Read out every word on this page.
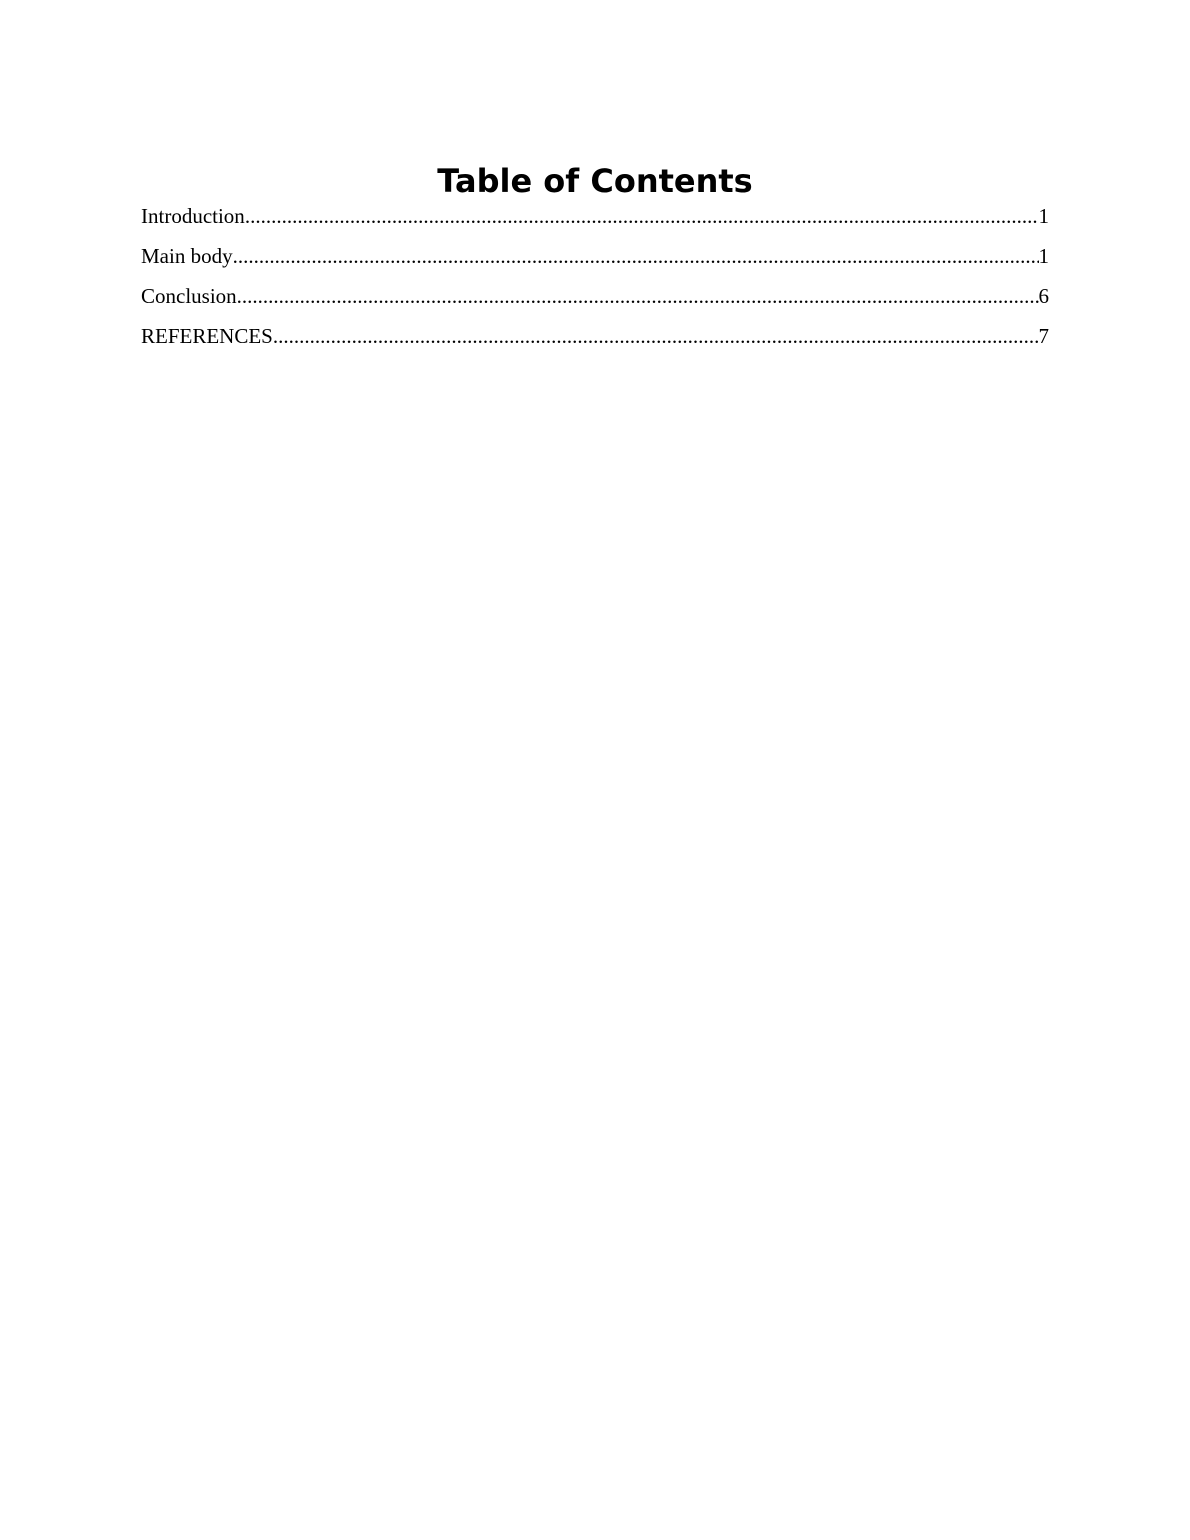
Table of Contents
Introduction .....	1
Main body .....	1
Conclusion .....	6
REFERENCES .....	7
